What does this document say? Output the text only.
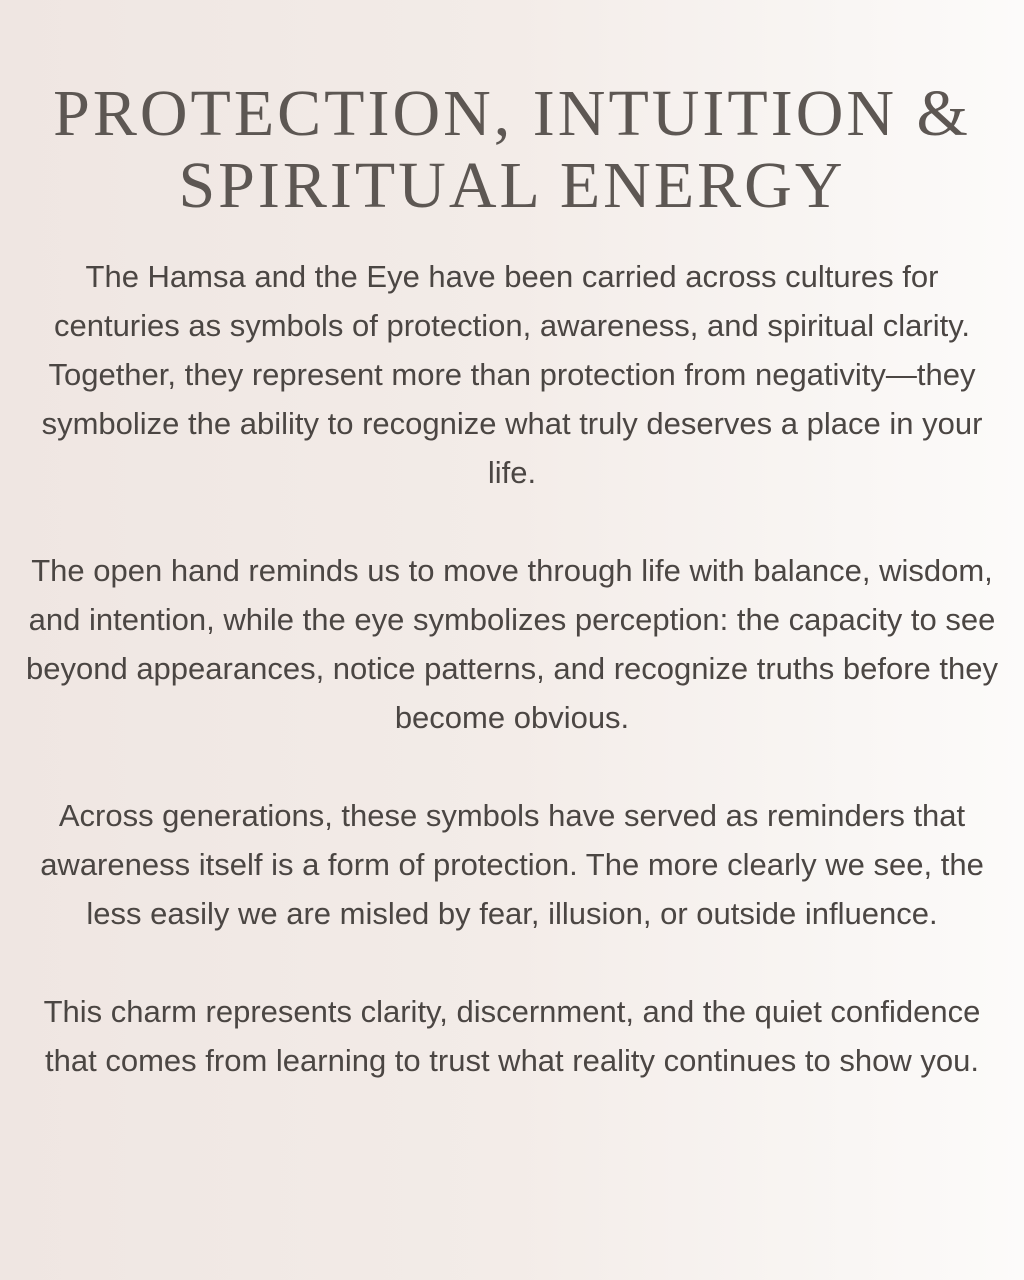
PROTECTION, INTUITION &
SPIRITUAL ENERGY

The Hamsa and the Eye have been carried across cultures for centuries as symbols of protection, awareness, and spiritual clarity. Together, they represent more than protection from negativity—they symbolize the ability to recognize what truly deserves a place in your life.

The open hand reminds us to move through life with balance, wisdom, and intention, while the eye symbolizes perception: the capacity to see beyond appearances, notice patterns, and recognize truths before they become obvious.

Across generations, these symbols have served as reminders that awareness itself is a form of protection. The more clearly we see, the less easily we are misled by fear, illusion, or outside influence.

This charm represents clarity, discernment, and the quiet confidence that comes from learning to trust what reality continues to show you.
